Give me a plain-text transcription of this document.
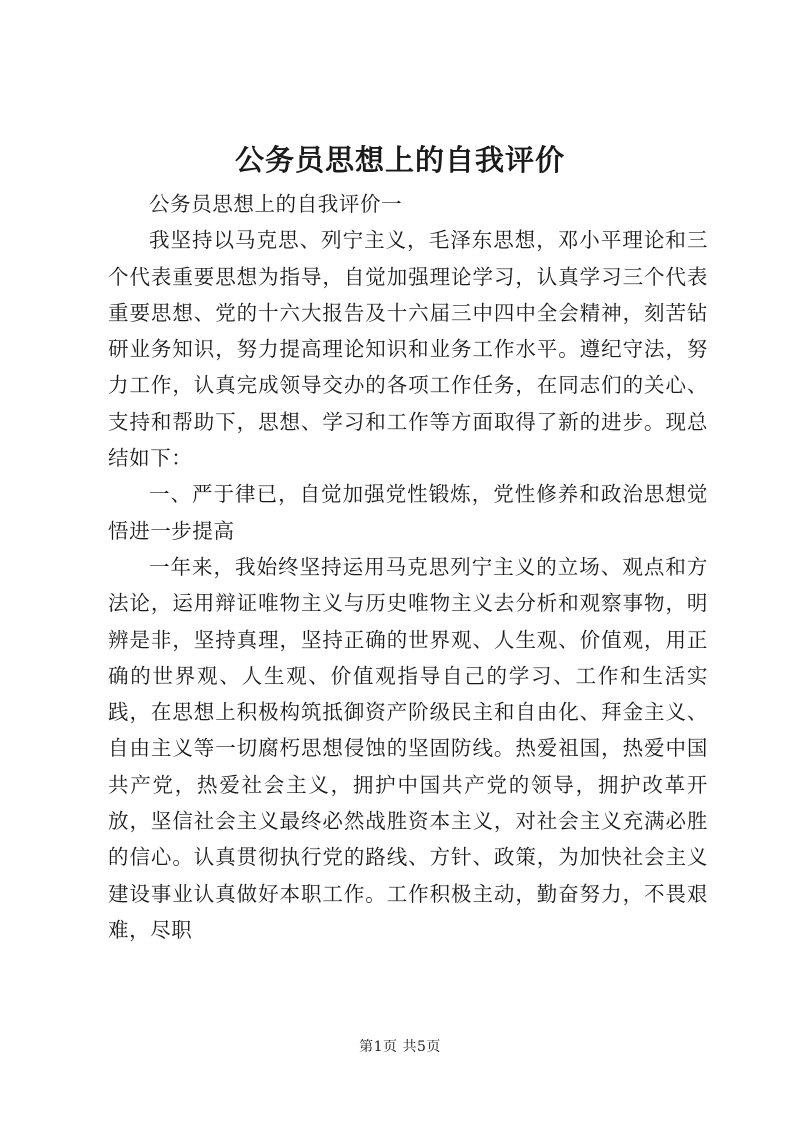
公务员思想上的自我评价

公务员思想上的自我评价一

我坚持以马克思、列宁主义，毛泽东思想，邓小平理论和三个代表重要思想为指导，自觉加强理论学习，认真学习三个代表重要思想、党的十六大报告及十六届三中四中全会精神，刻苦钻研业务知识，努力提高理论知识和业务工作水平。遵纪守法，努力工作，认真完成领导交办的各项工作任务，在同志们的关心、支持和帮助下，思想、学习和工作等方面取得了新的进步。现总结如下：

一、严于律已，自觉加强党性锻炼，党性修养和政治思想觉悟进一步提高

一年来，我始终坚持运用马克思列宁主义的立场、观点和方法论，运用辩证唯物主义与历史唯物主义去分析和观察事物，明辨是非，坚持真理，坚持正确的世界观、人生观、价值观，用正确的世界观、人生观、价值观指导自己的学习、工作和生活实践，在思想上积极构筑抵御资产阶级民主和自由化、拜金主义、自由主义等一切腐朽思想侵蚀的坚固防线。热爱祖国，热爱中国共产党，热爱社会主义，拥护中国共产党的领导，拥护改革开放，坚信社会主义最终必然战胜资本主义，对社会主义充满必胜的信心。认真贯彻执行党的路线、方针、政策，为加快社会主义建设事业认真做好本职工作。工作积极主动，勤奋努力，不畏艰难，尽职

第1页 共5页
